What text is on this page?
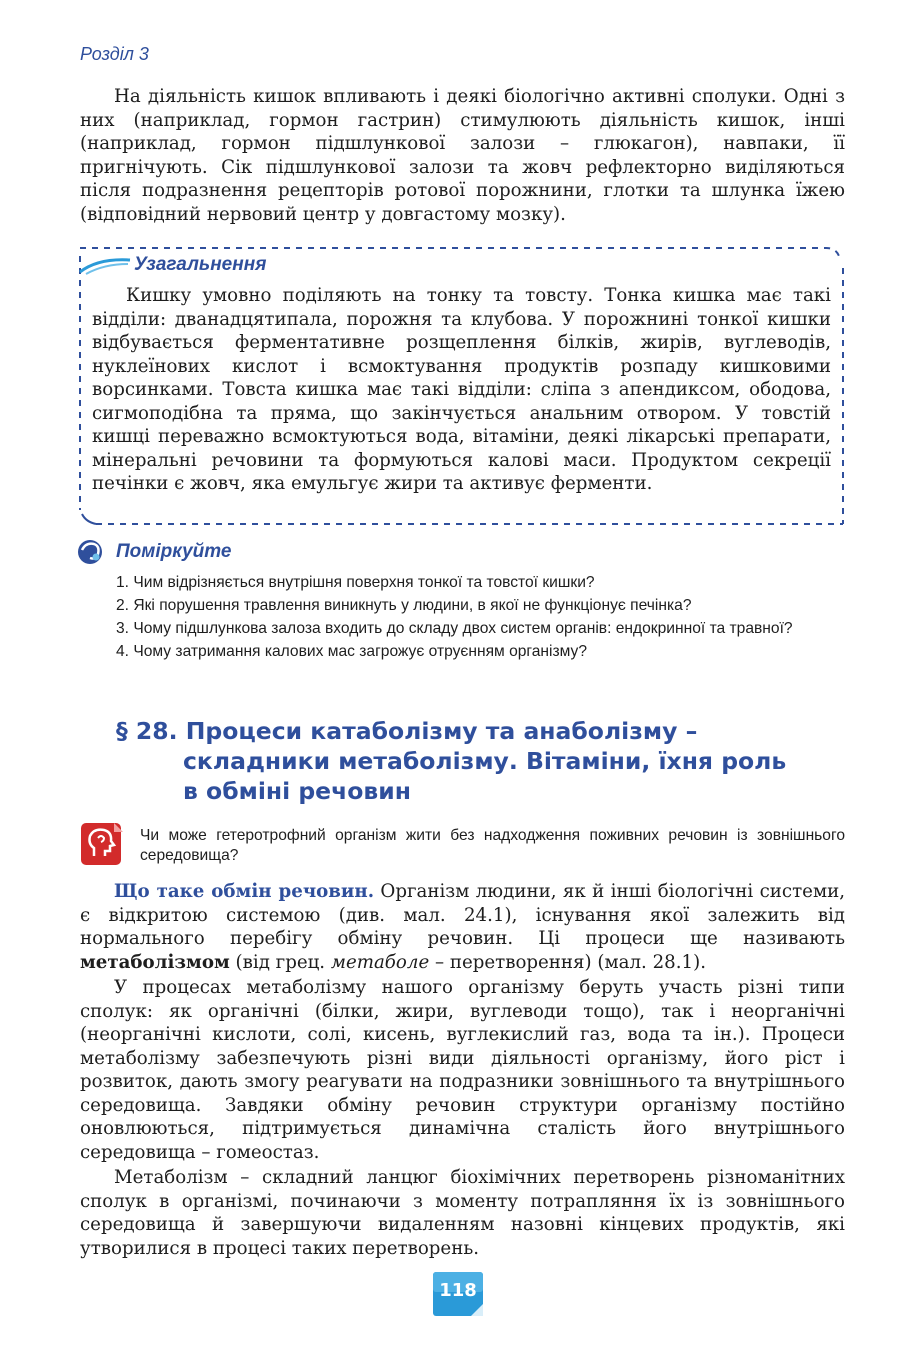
Розділ 3

На діяльність кишок впливають і деякі біологічно активні сполуки. Одні з них (наприклад, гормон гастрин) стимулюють діяльність кишок, інші (наприклад, гормон підшлункової залози – глюкагон), навпаки, її пригнічують. Сік підшлункової залози та жовч рефлекторно виділяються після подразнення рецепторів ротової порожнини, глотки та шлунка їжею (відповідний нервовий центр у довгастому мозку).

Узагальнення

Кишку умовно поділяють на тонку та товсту. Тонка кишка має такі відділи: дванадцятипала, порожня та клубова. У порожнині тонкої кишки відбувається ферментативне розщеплення білків, жирів, вуглеводів, нуклеїнових кислот і всмоктування продуктів розпаду кишковими ворсинками. Товста кишка має такі відділи: сліпа з апендиксом, ободова, сигмоподібна та пряма, що закінчується анальним отвором. У товстій кишці переважно всмоктуються вода, вітаміни, деякі лікарські препарати, мінеральні речовини та формуються калові маси. Продуктом секреції печінки є жовч, яка емульгує жири та активує ферменти.

Поміркуйте

1. Чим відрізняється внутрішня поверхня тонкої та товстої кишки?

2. Які порушення травлення виникнуть у людини, в якої не функціонує печінка?

3. Чому підшлункова залоза входить до складу двох систем органів: ендокринної та травної?

4. Чому затримання калових мас загрожує отруєнням організму?

§ 28. Процеси катаболізму та анаболізму –
складники метаболізму. Вітаміни, їхня роль
в обміні речовин

Чи може гетеротрофний організм жити без надходження поживних речовин із зовнішнього середовища?

Що таке обмін речовин. Організм людини, як й інші біологічні системи, є відкритою системою (див. мал. 24.1), існування якої залежить від нормального перебігу обміну речовин. Ці процеси ще називають метаболізмом (від грец. метаболе – перетворення) (мал. 28.1).

У процесах метаболізму нашого організму беруть участь різні типи сполук: як органічні (білки, жири, вуглеводи тощо), так і неорганічні (неорганічні кислоти, солі, кисень, вуглекислий газ, вода та ін.). Процеси метаболізму забезпечують різні види діяльності організму, його ріст і розвиток, дають змогу реагувати на подразники зовнішнього та внутрішнього середовища. Завдяки обміну речовин структури організму постійно оновлюються, підтримується динамічна сталість його внутрішнього середовища – гомеостаз.

Метаболізм – складний ланцюг біохімічних перетворень різноманітних сполук в організмі, починаючи з моменту потрапляння їх із зовнішнього середовища й завершуючи видаленням назовні кінцевих продуктів, які утворилися в процесі таких перетворень.

118
